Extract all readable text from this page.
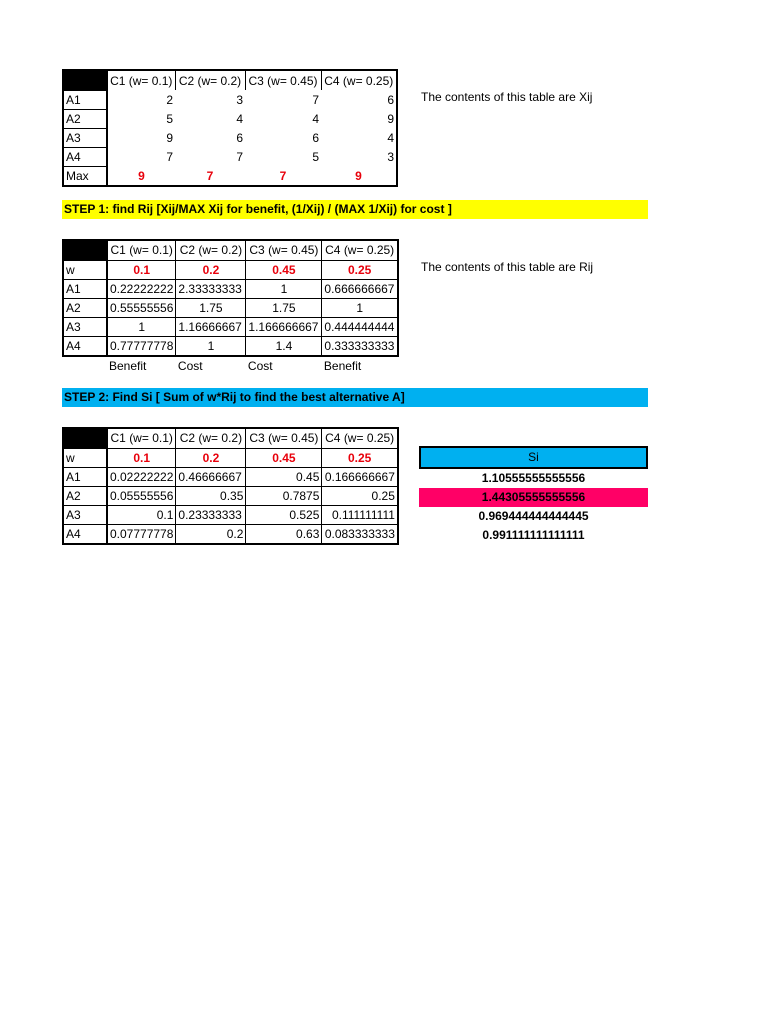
	C1 (w= 0.1)	C2 (w= 0.2)	C3 (w= 0.45)	C4 (w= 0.25)
A1	2	3	7	6
A2	5	4	4	9
A3	9	6	6	4
A4	7	7	5	3
Max	9	7	7	9
The contents of this table are Xij
STEP 1: find Rij [Xij/MAX Xij for benefit, (1/Xij) / (MAX 1/Xij) for cost ]
	C1 (w= 0.1)	C2 (w= 0.2)	C3 (w= 0.45)	C4 (w= 0.25)
w	0.1	0.2	0.45	0.25
A1	0.22222222	2.33333333	1	0.666666667
A2	0.55555556	1.75	1.75	1
A3	1	1.16666667	1.166666667	0.444444444
A4	0.77777778	1	1.4	0.333333333
	Benefit	Cost	Cost	Benefit
The contents of this table are Rij
STEP 2: Find Si [ Sum of w*Rij to find the best alternative A]
	C1 (w= 0.1)	C2 (w= 0.2)	C3 (w= 0.45)	C4 (w= 0.25)
w	0.1	0.2	0.45	0.25
A1	0.02222222	0.46666667	0.45	0.166666667
A2	0.05555556	0.35	0.7875	0.25
A3	0.1	0.23333333	0.525	0.111111111
A4	0.07777778	0.2	0.63	0.083333333
Si
1.10555555555556
1.44305555555556
0.969444444444445
0.991111111111111
